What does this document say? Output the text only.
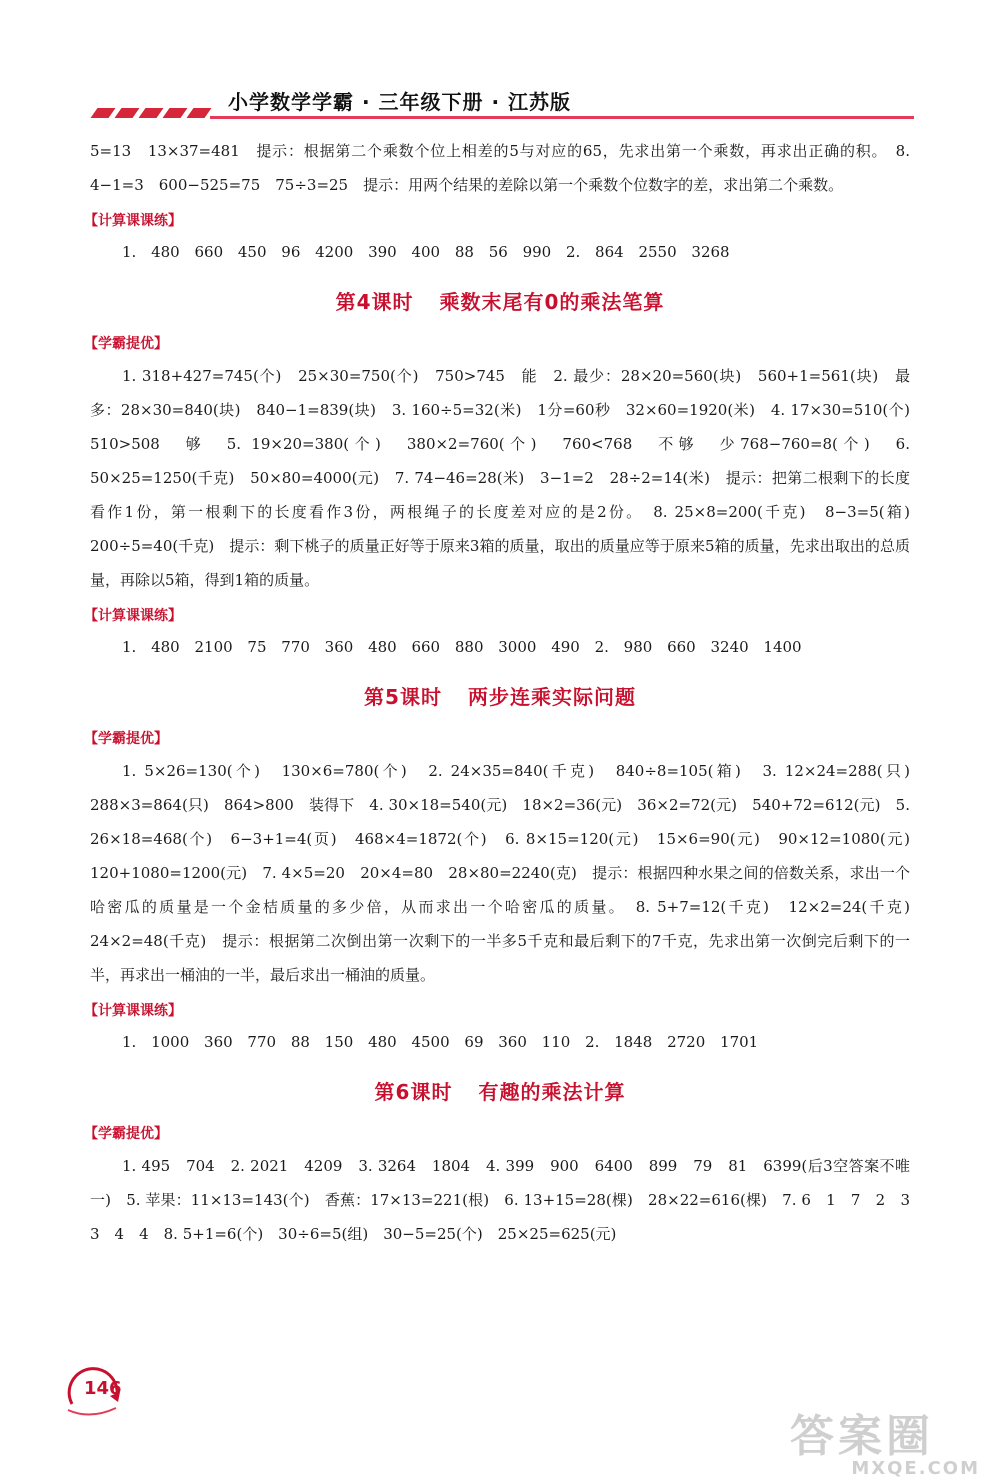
小学数学学霸 · 三年级下册 · 江苏版

5=13　13×37=481　提示：根据第二个乘数个位上相差的5与对应的65，先求出第一个乘数，再求出正确的积。　8. 4−1=3　600−525=75　75÷3=25　提示：用两个结果的差除以第一个乘数个位数字的差，求出第二个乘数。

【计算课课练】

1. 480 660 450 96 4200 390 400 88 56 990 2. 864 2550 3268

第4课时 乘数末尾有0的乘法笔算
【学霸提优】

1. 318+427=745(个)　25×30=750(个)　750>745　能　2. 最少：28×20=560(块)　560+1=561(块)　最多：28×30=840(块)　840−1=839(块)　3. 160÷5=32(米)　1分=60秒　32×60=1920(米)　4. 17×30=510(个)　510>508　够　5. 19×20=380(个)　380×2=760(个)　760<768　不够　少768−760=8(个)　6. 50×25=1250(千克)　50×80=4000(元)　7. 74−46=28(米)　3−1=2　28÷2=14(米)　提示：把第二根剩下的长度看作1份，第一根剩下的长度看作3份，两根绳子的长度差对应的是2份。　8. 25×8=200(千克)　8−3=5(箱)　200÷5=40(千克)　提示：剩下桃子的质量正好等于原来3箱的质量，取出的质量应等于原来5箱的质量，先求出取出的总质量，再除以5箱，得到1箱的质量。

【计算课课练】

1. 480 2100 75 770 360 480 660 880 3000 490 2. 980 660 3240 1400

第5课时 两步连乘实际问题
【学霸提优】

1. 5×26=130(个)　130×6=780(个)　2. 24×35=840(千克)　840÷8=105(箱)　3. 12×24=288(只)　288×3=864(只)　864>800　装得下　4. 30×18=540(元)　18×2=36(元)　36×2=72(元)　540+72=612(元)　5. 26×18=468(个)　6−3+1=4(页)　468×4=1872(个)　6. 8×15=120(元)　15×6=90(元)　90×12=1080(元)　120+1080=1200(元)　7. 4×5=20　20×4=80　28×80=2240(克)　提示：根据四种水果之间的倍数关系，求出一个哈密瓜的质量是一个金桔质量的多少倍，从而求出一个哈密瓜的质量。　8. 5+7=12(千克)　12×2=24(千克)　24×2=48(千克)　提示：根据第二次倒出第一次剩下的一半多5千克和最后剩下的7千克，先求出第一次倒完后剩下的一半，再求出一桶油的一半，最后求出一桶油的质量。

【计算课课练】

1. 1000 360 770 88 150 480 4500 69 360 110 2. 1848 2720 1701

第6课时 有趣的乘法计算
【学霸提优】

1. 495　704　2. 2021　4209　3. 3264　1804　4. 399　900　6400　899　79　81　6399(后3空答案不唯一)　5. 苹果：11×13=143(个)　香蕉：17×13=221(根)　6. 13+15=28(棵)　28×22=616(棵)　7. 6　1　7　2　3　3　4　4　8. 5+1=6(个)　30÷6=5(组)　30−5=25(个)　25×25=625(元)

146
答案圈
MXQE.COM
